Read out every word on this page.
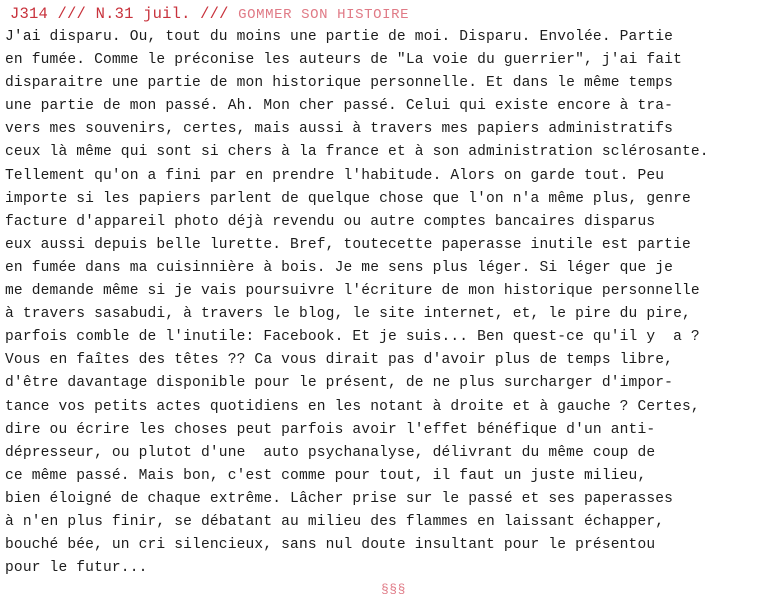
J314 /// N.31 juil. /// GOMMER SON HISTOIRE
J'ai disparu. Ou, tout du moins une partie de moi. Disparu. Envolée. Partie
en fumée. Comme le préconise les auteurs de "La voie du guerrier", j'ai fait
disparaitre une partie de mon historique personnelle. Et dans le même temps
une partie de mon passé. Ah. Mon cher passé. Celui qui existe encore à tra-
vers mes souvenirs, certes, mais aussi à travers mes papiers administratifs
ceux là même qui sont si chers à la france et à son administration sclérosante.
Tellement qu'on a fini par en prendre l'habitude. Alors on garde tout. Peu
importe si les papiers parlent de quelque chose que l'on n'a même plus, genre
facture d'appareil photo déjà revendu ou autre comptes bancaires disparus
eux aussi depuis belle lurette. Bref, toutecette paperasse inutile est partie
en fumée dans ma cuisinnière à bois. Je me sens plus léger. Si léger que je
me demande même si je vais poursuivre l'écriture de mon historique personnelle
à travers sasabudi, à travers le blog, le site internet, et, le pire du pire,
parfois comble de l'inutile: Facebook. Et je suis... Ben quest-ce qu'il y  a ?
Vous en faîtes des têtes ?? Ca vous dirait pas d'avoir plus de temps libre,
d'être davantage disponible pour le présent, de ne plus surcharger d'impor-
tance vos petits actes quotidiens en les notant à droite et à gauche ? Certes,
dire ou écrire les choses peut parfois avoir l'effet bénéfique d'un anti-
dépresseur, ou plutot d'une  auto psychanalyse, délivrant du même coup de
ce même passé. Mais bon, c'est comme pour tout, il faut un juste milieu,
bien éloigné de chaque extrême. Lâcher prise sur le passé et ses paperasses
à n'en plus finir, se débatant au milieu des flammes en laissant échapper,
bouché bée, un cri silencieux, sans nul doute insultant pour le présentou
pour le futur...
§§§
